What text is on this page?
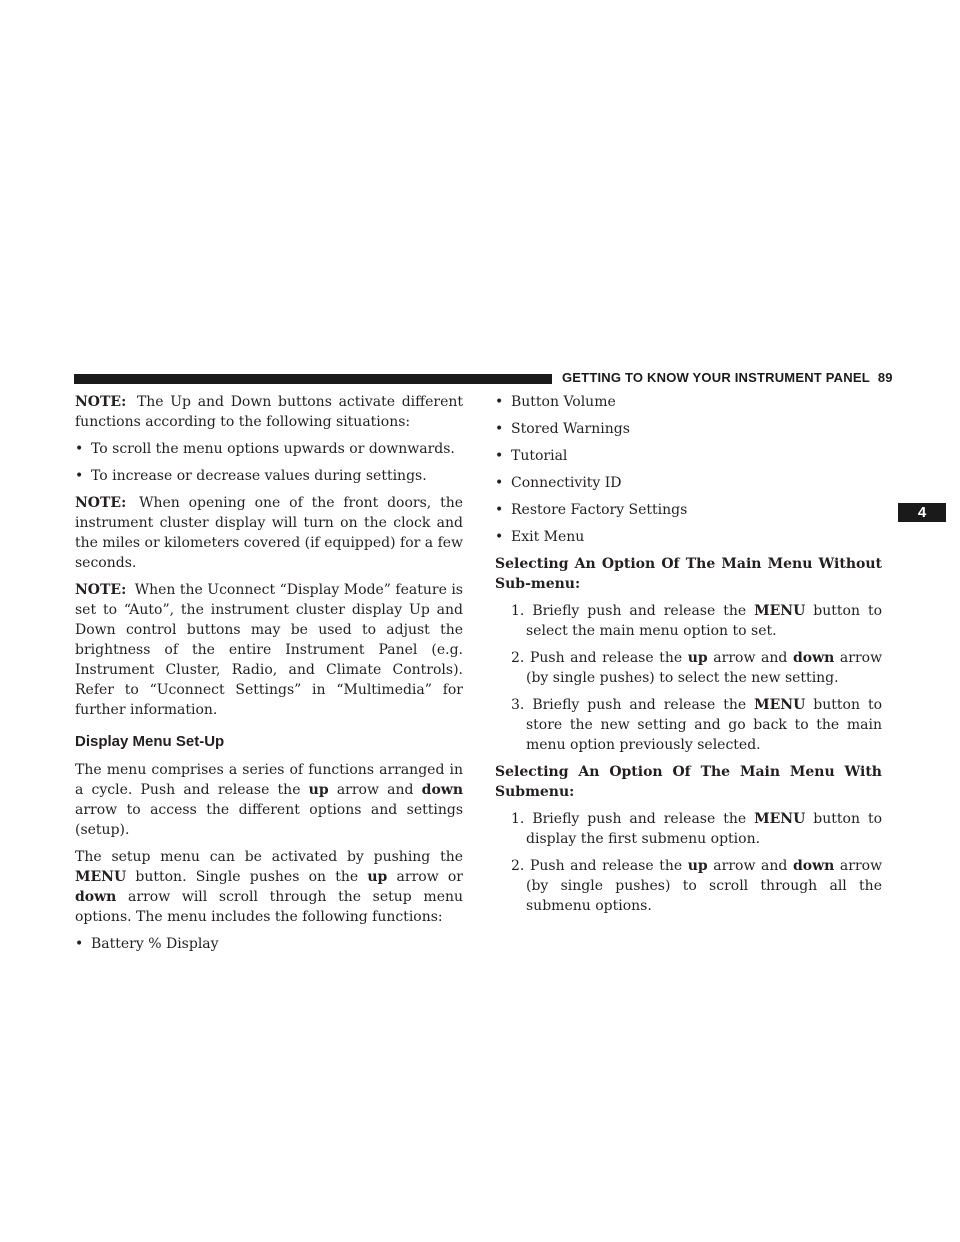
GETTING TO KNOW YOUR INSTRUMENT PANEL 89
4

NOTE: The Up and Down buttons activate different functions according to the following situations:

• To scroll the menu options upwards or downwards.
• To increase or decrease values during settings.

NOTE: When opening one of the front doors, the instrument cluster display will turn on the clock and the miles or kilometers covered (if equipped) for a few seconds.

NOTE: When the Uconnect “Display Mode” feature is set to “Auto”, the instrument cluster display Up and Down control buttons may be used to adjust the brightness of the entire Instrument Panel (e.g. Instrument Cluster, Radio, and Climate Controls). Refer to “Uconnect Settings” in “Multimedia” for further information.

Display Menu Set-Up

The menu comprises a series of functions arranged in a cycle. Push and release the up arrow and down arrow to access the different options and settings (setup).

The setup menu can be activated by pushing the MENU button. Single pushes on the up arrow or down arrow will scroll through the setup menu options. The menu includes the following functions:

• Battery % Display
• Button Volume
• Stored Warnings
• Tutorial
• Connectivity ID
• Restore Factory Settings
• Exit Menu

Selecting An Option Of The Main Menu Without Sub-menu:

1. Briefly push and release the MENU button to select the main menu option to set.
2. Push and release the up arrow and down arrow (by single pushes) to select the new setting.
3. Briefly push and release the MENU button to store the new setting and go back to the main menu option previously selected.

Selecting An Option Of The Main Menu With Submenu:

1. Briefly push and release the MENU button to display the first submenu option.
2. Push and release the up arrow and down arrow (by single pushes) to scroll through all the submenu options.
